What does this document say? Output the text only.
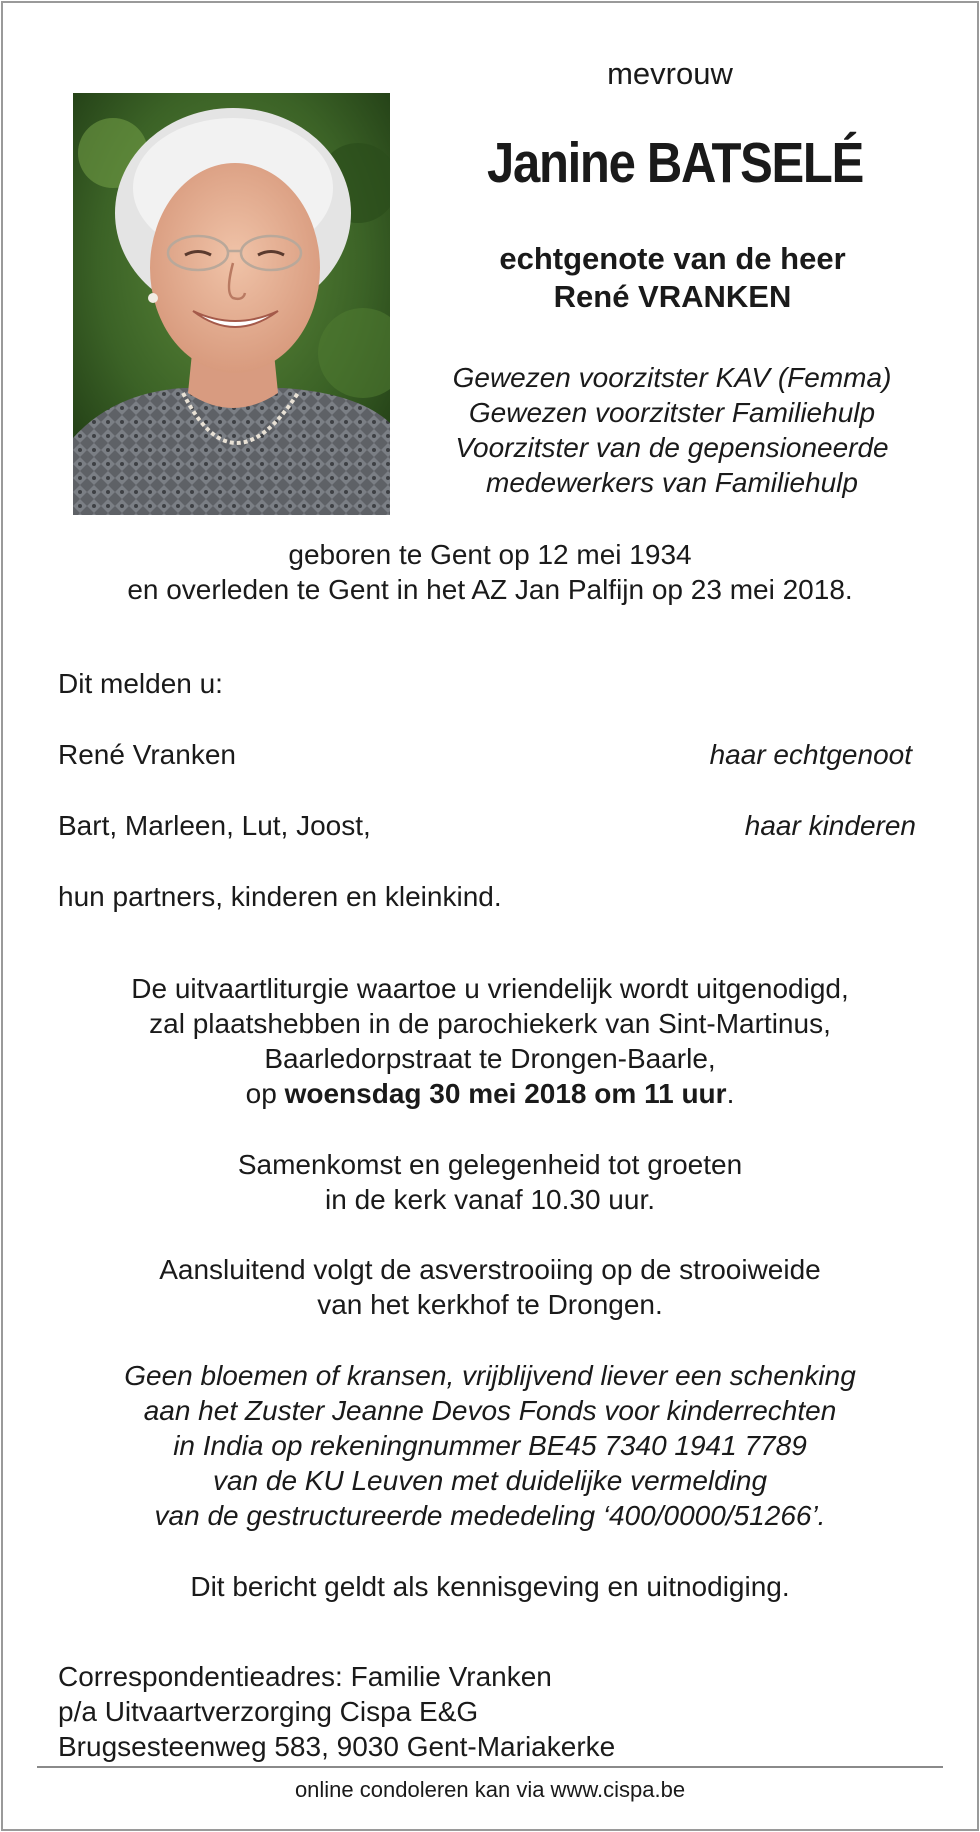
mevrouw
Janine BATSELÉ
echtgenote van de heer
René VRANKEN
Gewezen voorzitster KAV (Femma)
Gewezen voorzitster Familiehulp
Voorzitster van de gepensioneerde
medewerkers van Familiehulp
geboren te Gent op 12 mei 1934
en overleden te Gent in het AZ Jan Palfijn op 23 mei 2018.
Dit melden u:
René Vranken	haar echtgenoot
Bart, Marleen, Lut, Joost,	haar kinderen
hun partners, kinderen en kleinkind.
De uitvaartliturgie waartoe u vriendelijk wordt uitgenodigd,
zal plaatshebben in de parochiekerk van Sint-Martinus,
Baarledorpstraat te Drongen-Baarle,
op woensdag 30 mei 2018 om 11 uur.
Samenkomst en gelegenheid tot groeten
in de kerk vanaf 10.30 uur.
Aansluitend volgt de asverstrooiing op de strooiweide
van het kerkhof te Drongen.
Geen bloemen of kransen, vrijblijvend liever een schenking
aan het Zuster Jeanne Devos Fonds voor kinderrechten
in India op rekeningnummer BE45 7340 1941 7789
van de KU Leuven met duidelijke vermelding
van de gestructureerde mededeling ‘400/0000/51266’.
Dit bericht geldt als kennisgeving en uitnodiging.
Correspondentieadres: Familie Vranken
p/a Uitvaartverzorging Cispa E&G
Brugsesteenweg 583, 9030 Gent-Mariakerke
online condoleren kan via www.cispa.be
